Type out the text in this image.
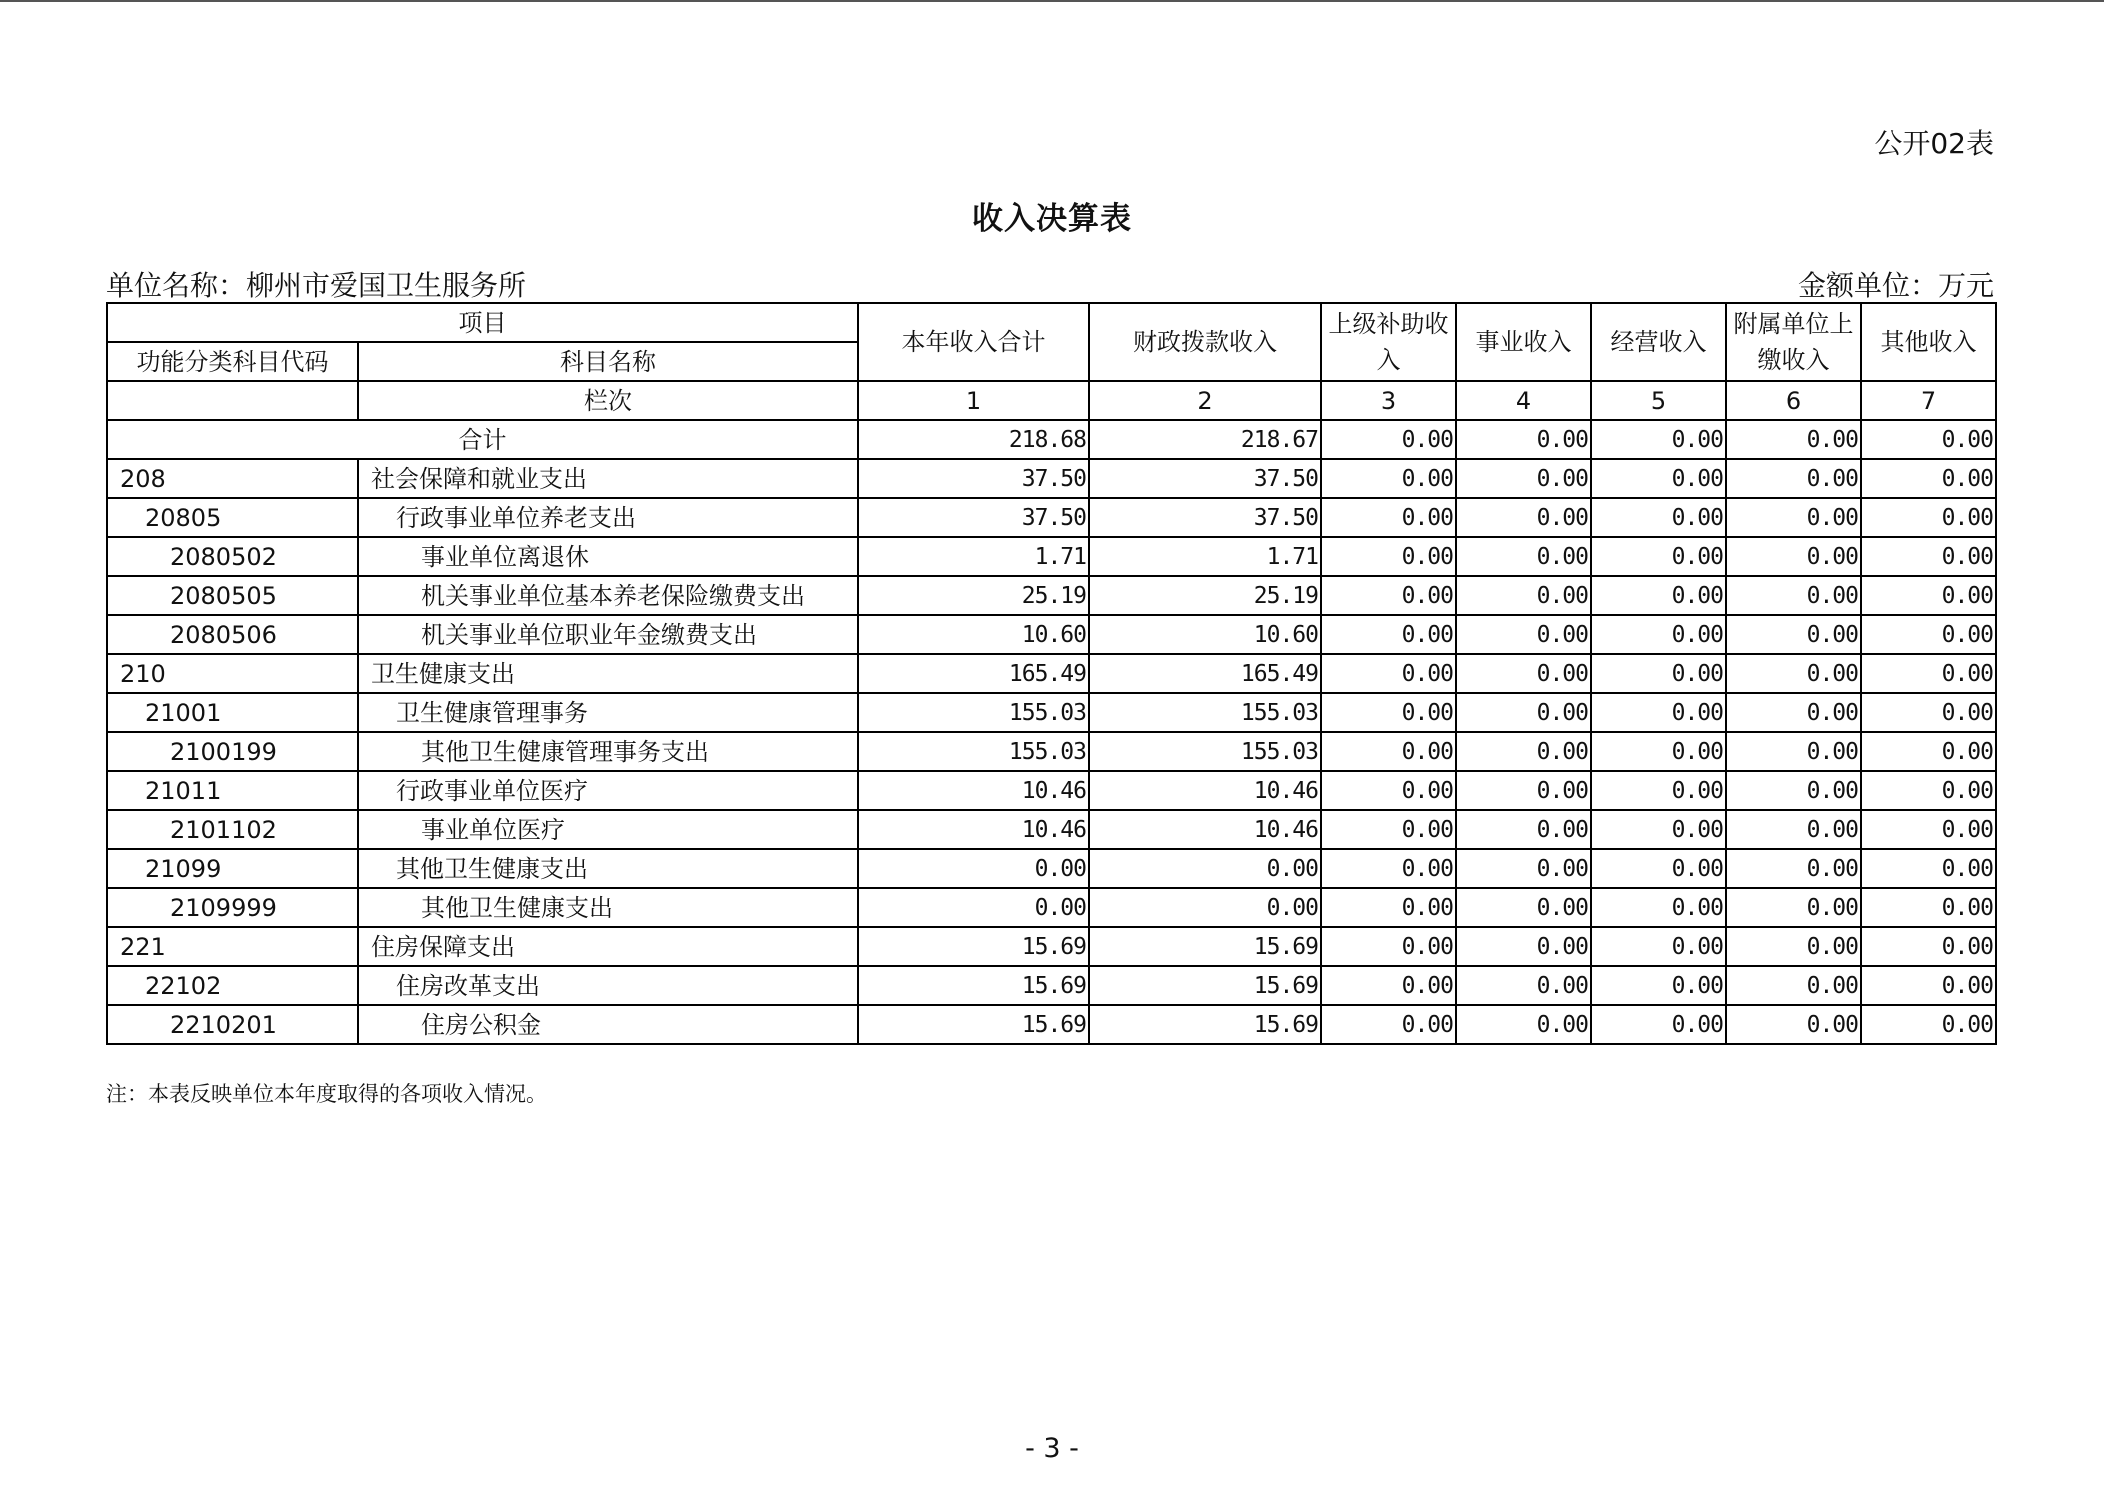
公开02表
收入决算表
单位名称：柳州市爱国卫生服务所	金额单位：万元
项目		本年收入合计	财政拨款收入	上级补助收入	事业收入	经营收入	附属单位上缴收入	其他收入
功能分类科目代码	科目名称							
	栏次	1	2	3	4	5	6	7
合计		218.68	218.67	0.00	0.00	0.00	0.00	0.00
208	社会保障和就业支出	37.50	37.50	0.00	0.00	0.00	0.00	0.00
20805	行政事业单位养老支出	37.50	37.50	0.00	0.00	0.00	0.00	0.00
2080502	事业单位离退休	1.71	1.71	0.00	0.00	0.00	0.00	0.00
2080505	机关事业单位基本养老保险缴费支出	25.19	25.19	0.00	0.00	0.00	0.00	0.00
2080506	机关事业单位职业年金缴费支出	10.60	10.60	0.00	0.00	0.00	0.00	0.00
210	卫生健康支出	165.49	165.49	0.00	0.00	0.00	0.00	0.00
21001	卫生健康管理事务	155.03	155.03	0.00	0.00	0.00	0.00	0.00
2100199	其他卫生健康管理事务支出	155.03	155.03	0.00	0.00	0.00	0.00	0.00
21011	行政事业单位医疗	10.46	10.46	0.00	0.00	0.00	0.00	0.00
2101102	事业单位医疗	10.46	10.46	0.00	0.00	0.00	0.00	0.00
21099	其他卫生健康支出	0.00	0.00	0.00	0.00	0.00	0.00	0.00
2109999	其他卫生健康支出	0.00	0.00	0.00	0.00	0.00	0.00	0.00
221	住房保障支出	15.69	15.69	0.00	0.00	0.00	0.00	0.00
22102	住房改革支出	15.69	15.69	0.00	0.00	0.00	0.00	0.00
2210201	住房公积金	15.69	15.69	0.00	0.00	0.00	0.00	0.00
注：本表反映单位本年度取得的各项收入情况。
- 3 -
